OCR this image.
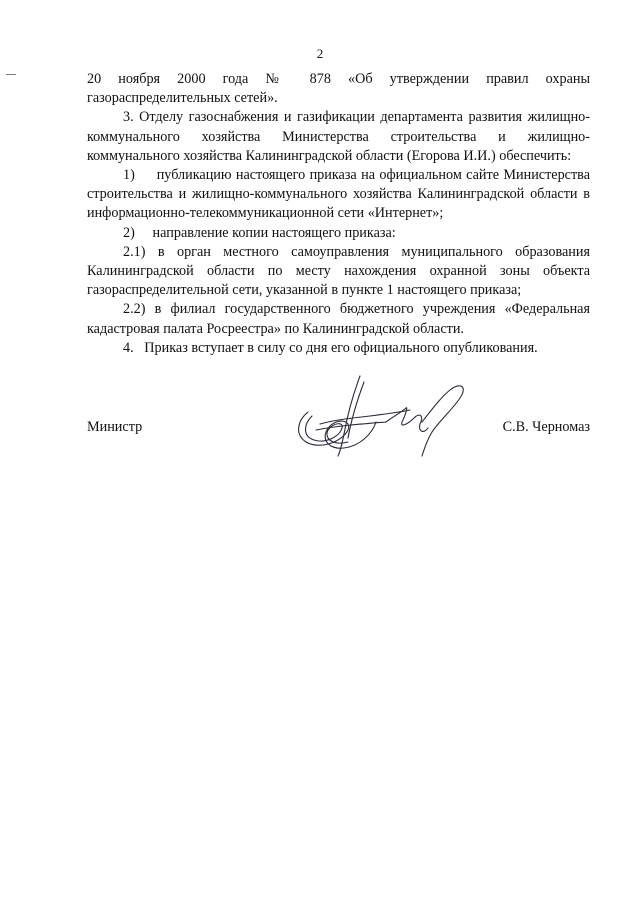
2

20 ноября 2000 года № 878 «Об утверждении правил охраны газораспределительных сетей».

3. Отделу газоснабжения и газификации департамента развития жилищно-коммунального хозяйства Министерства строительства и жилищно-коммунального хозяйства Калининградской области (Егорова И.И.) обеспечить:

1)     публикацию настоящего приказа на официальном сайте Министерства строительства и жилищно-коммунального хозяйства Калининградской области в информационно-телекоммуникационной сети «Интернет»;

2)     направление копии настоящего приказа:

2.1) в орган местного самоуправления муниципального образования Калининградской области по месту нахождения охранной зоны объекта газораспределительной сети, указанной в пункте 1 настоящего приказа;

2.2) в филиал государственного бюджетного учреждения «Федеральная кадастровая палата Росреестра» по Калининградской области.

4.   Приказ вступает в силу со дня его официального опубликования.

Министр	С.В. Черномаз
